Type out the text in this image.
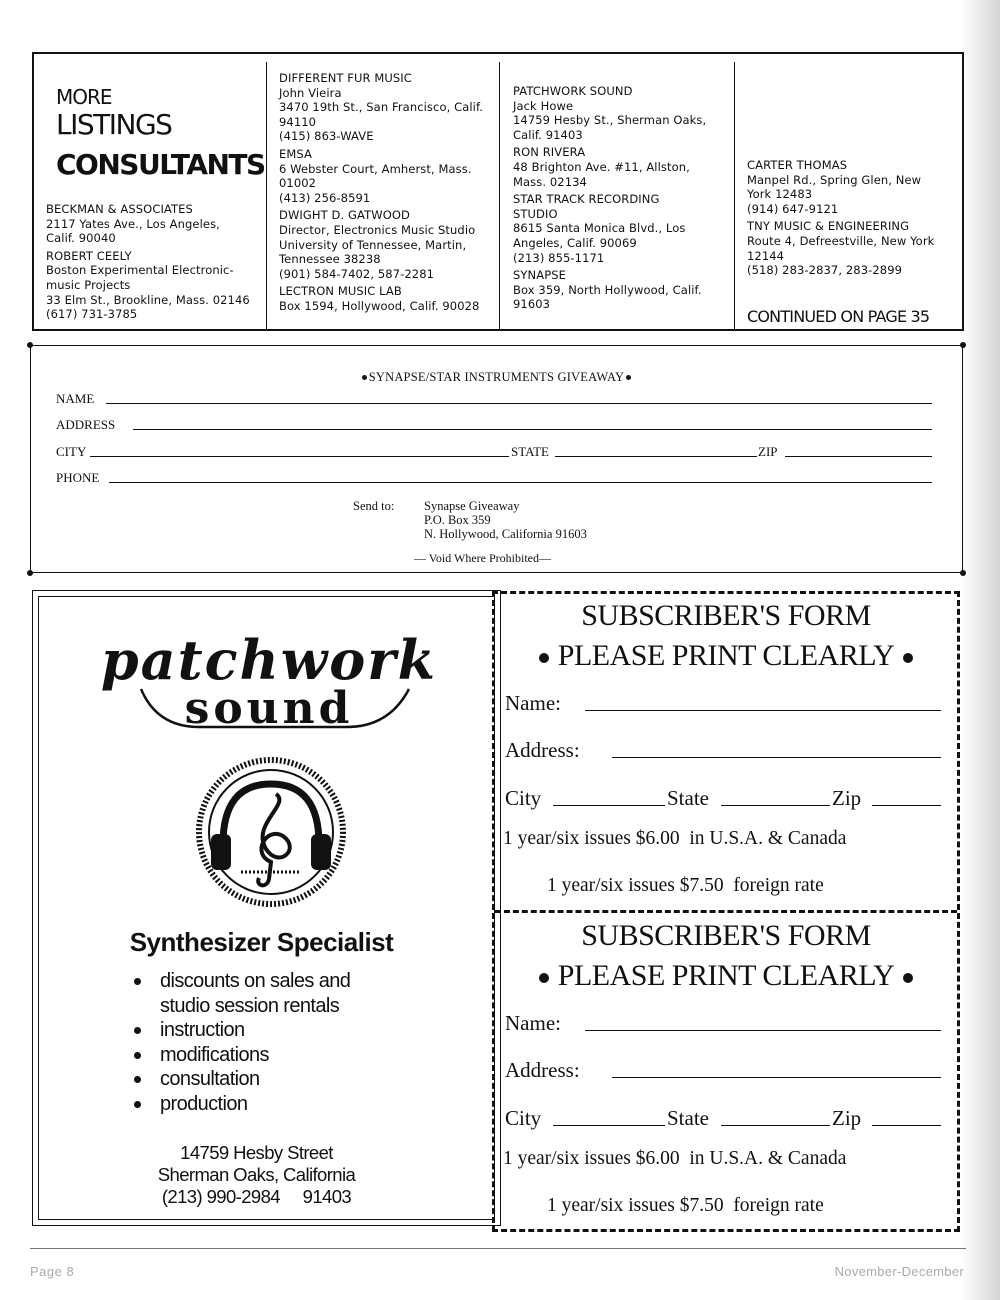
MORE
LISTINGS
CONSULTANTS
BECKMAN & ASSOCIATES
2117 Yates Ave., Los Angeles,
Calif. 90040
ROBERT CEELY
Boston Experimental Electronic-
music Projects
33 Elm St., Brookline, Mass. 02146
(617) 731-3785
DIFFERENT FUR MUSIC
John Vieira
3470 19th St., San Francisco, Calif.
94110
(415) 863-WAVE
EMSA
6 Webster Court, Amherst, Mass.
01002
(413) 256-8591
DWIGHT D. GATWOOD
Director, Electronics Music Studio
University of Tennessee, Martin,
Tennessee 38238
(901) 584-7402, 587-2281
LECTRON MUSIC LAB
Box 1594, Hollywood, Calif. 90028
PATCHWORK SOUND
Jack Howe
14759 Hesby St., Sherman Oaks,
Calif. 91403
RON RIVERA
48 Brighton Ave. #11, Allston,
Mass. 02134
STAR TRACK RECORDING
STUDIO
8615 Santa Monica Blvd., Los
Angeles, Calif. 90069
(213) 855-1171
SYNAPSE
Box 359, North Hollywood, Calif.
91603
CARTER THOMAS
Manpel Rd., Spring Glen, New
York 12483
(914) 647-9121
TNY MUSIC & ENGINEERING
Route 4, Defreestville, New York
12144
(518) 283-2837, 283-2899
CONTINUED ON PAGE 35
SYNAPSE/STAR INSTRUMENTS GIVEAWAY
NAME
ADDRESS
CITY	STATE	ZIP
PHONE
Send to: Synapse Giveaway
P.O. Box 359
N. Hollywood, California 91603
— Void Where Prohibited—
patchwork
sound
Synthesizer Specialist
discounts on sales and studio session rentals
instruction
modifications
consultation
production
14759 Hesby Street
Sherman Oaks, California
(213) 990-2984     91403
SUBSCRIBER'S FORM
PLEASE PRINT CLEARLY
Name:
Address:
City	State	Zip
1 year/six issues $6.00  in U.S.A. & Canada
1 year/six issues $7.50  foreign rate
SUBSCRIBER'S FORM
PLEASE PRINT CLEARLY
Name:
Address:
City	State	Zip
1 year/six issues $6.00  in U.S.A. & Canada
1 year/six issues $7.50  foreign rate
Page 8	November-December
